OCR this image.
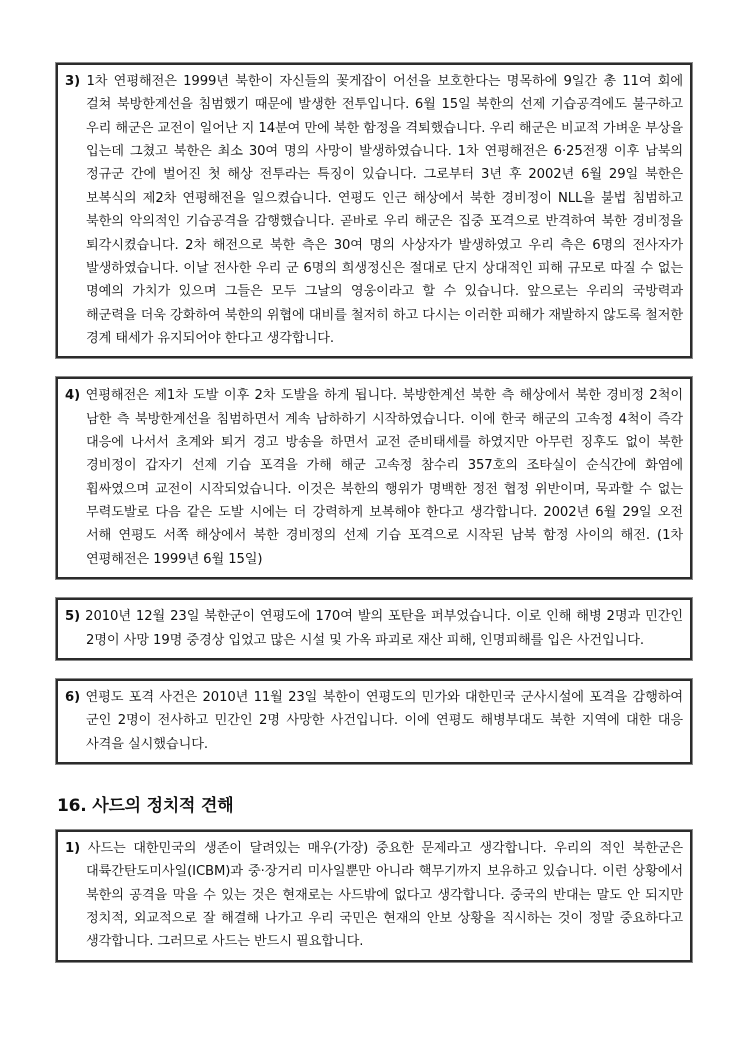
3) 1차 연평해전은 1999년 북한이 자신들의 꽃게잡이 어선을 보호한다는 명목하에 9일간 총 11여 회에 걸쳐 북방한계선을 침범했기 때문에 발생한 전투입니다. 6월 15일 북한의 선제 기습공격에도 불구하고 우리 해군은 교전이 일어난 지 14분여 만에 북한 함정을 격퇴했습니다. 우리 해군은 비교적 가벼운 부상을 입는데 그쳤고 북한은 최소 30여 명의 사망이 발생하였습니다. 1차 연평해전은 6·25전쟁 이후 남북의 정규군 간에 벌어진 첫 해상 전투라는 특징이 있습니다. 그로부터 3년 후 2002년 6월 29일 북한은 보복식의 제2차 연평해전을 일으켰습니다. 연평도 인근 해상에서 북한 경비정이 NLL을 불법 침범하고 북한의 악의적인 기습공격을 감행했습니다. 곧바로 우리 해군은 집중 포격으로 반격하여 북한 경비정을 퇴각시켰습니다. 2차 해전으로 북한 측은 30여 명의 사상자가 발생하였고 우리 측은 6명의 전사자가 발생하였습니다. 이날 전사한 우리 군 6명의 희생정신은 절대로 단지 상대적인 피해 규모로 따질 수 없는 명예의 가치가 있으며 그들은 모두 그날의 영웅이라고 할 수 있습니다. 앞으로는 우리의 국방력과 해군력을 더욱 강화하여 북한의 위협에 대비를 철저히 하고 다시는 이러한 피해가 재발하지 않도록 철저한 경계 태세가 유지되어야 한다고 생각합니다.

4) 연평해전은 제1차 도발 이후 2차 도발을 하게 됩니다. 북방한계선 북한 측 해상에서 북한 경비정 2척이 남한 측 북방한계선을 침범하면서 계속 남하하기 시작하였습니다. 이에 한국 해군의 고속정 4척이 즉각 대응에 나서서 초계와 퇴거 경고 방송을 하면서 교전 준비태세를 하였지만 아무런 징후도 없이 북한 경비정이 갑자기 선제 기습 포격을 가해 해군 고속정 참수리 357호의 조타실이 순식간에 화염에 휩싸였으며 교전이 시작되었습니다. 이것은 북한의 행위가 명백한 정전 협정 위반이며, 묵과할 수 없는 무력도발로 다음 같은 도발 시에는 더 강력하게 보복해야 한다고 생각합니다. 2002년 6월 29일 오전 서해 연평도 서쪽 해상에서 북한 경비정의 선제 기습 포격으로 시작된 남북 함정 사이의 해전. (1차 연평해전은 1999년 6월 15일)

5) 2010년 12월 23일 북한군이 연평도에 170여 발의 포탄을 퍼부었습니다. 이로 인해 해병 2명과 민간인 2명이 사망 19명 중경상 입었고 많은 시설 및 가옥 파괴로 재산 피해, 인명피해를 입은 사건입니다.

6) 연평도 포격 사건은 2010년 11월 23일 북한이 연평도의 민가와 대한민국 군사시설에 포격을 감행하여 군인 2명이 전사하고 민간인 2명 사망한 사건입니다. 이에 연평도 해병부대도 북한 지역에 대한 대응 사격을 실시했습니다.

16. 사드의 정치적 견해

1) 사드는 대한민국의 생존이 달려있는 매우(가장) 중요한 문제라고 생각합니다. 우리의 적인 북한군은 대륙간탄도미사일(ICBM)과 중·장거리 미사일뿐만 아니라 핵무기까지 보유하고 있습니다. 이런 상황에서 북한의 공격을 막을 수 있는 것은 현재로는 사드밖에 없다고 생각합니다. 중국의 반대는 말도 안 되지만 정치적, 외교적으로 잘 해결해 나가고 우리 국민은 현재의 안보 상황을 직시하는 것이 정말 중요하다고 생각합니다. 그러므로 사드는 반드시 필요합니다.
